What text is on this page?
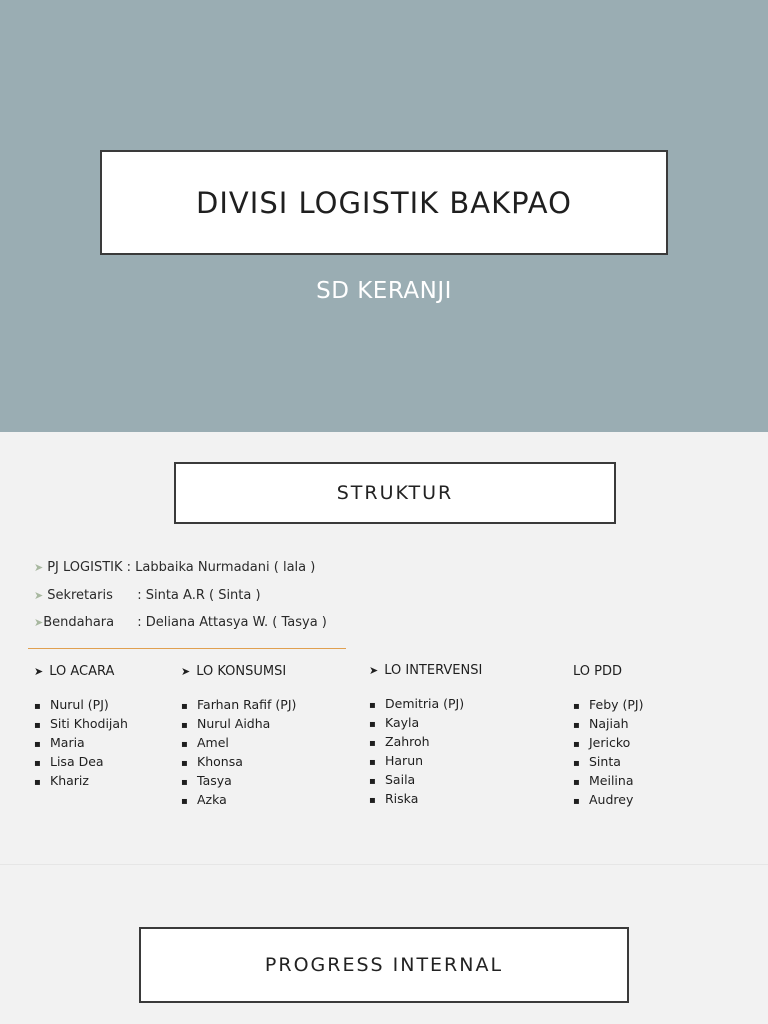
DIVISI LOGISTIK BAKPAO
SD KERANJI
STRUKTUR
➤ PJ LOGISTIK : Labbaika Nurmadani ( lala )
➤ Sekretaris : Sinta A.R ( Sinta )
➤Bendahara : Deliana Attasya W. ( Tasya )
➤ LO ACARA
▪ Nurul (PJ)
▪ Siti Khodijah
▪ Maria
▪ Lisa Dea
▪ Khariz
➤ LO KONSUMSI
▪ Farhan Rafif (PJ)
▪ Nurul Aidha
▪ Amel
▪ Khonsa
▪ Tasya
▪ Azka
➤ LO INTERVENSI
▪ Demitria (PJ)
▪ Kayla
▪ Zahroh
▪ Harun
▪ Saila
▪ Riska
LO PDD
▪ Feby (PJ)
▪ Najiah
▪ Jericko
▪ Sinta
▪ Meilina
▪ Audrey
PROGRESS INTERNAL
